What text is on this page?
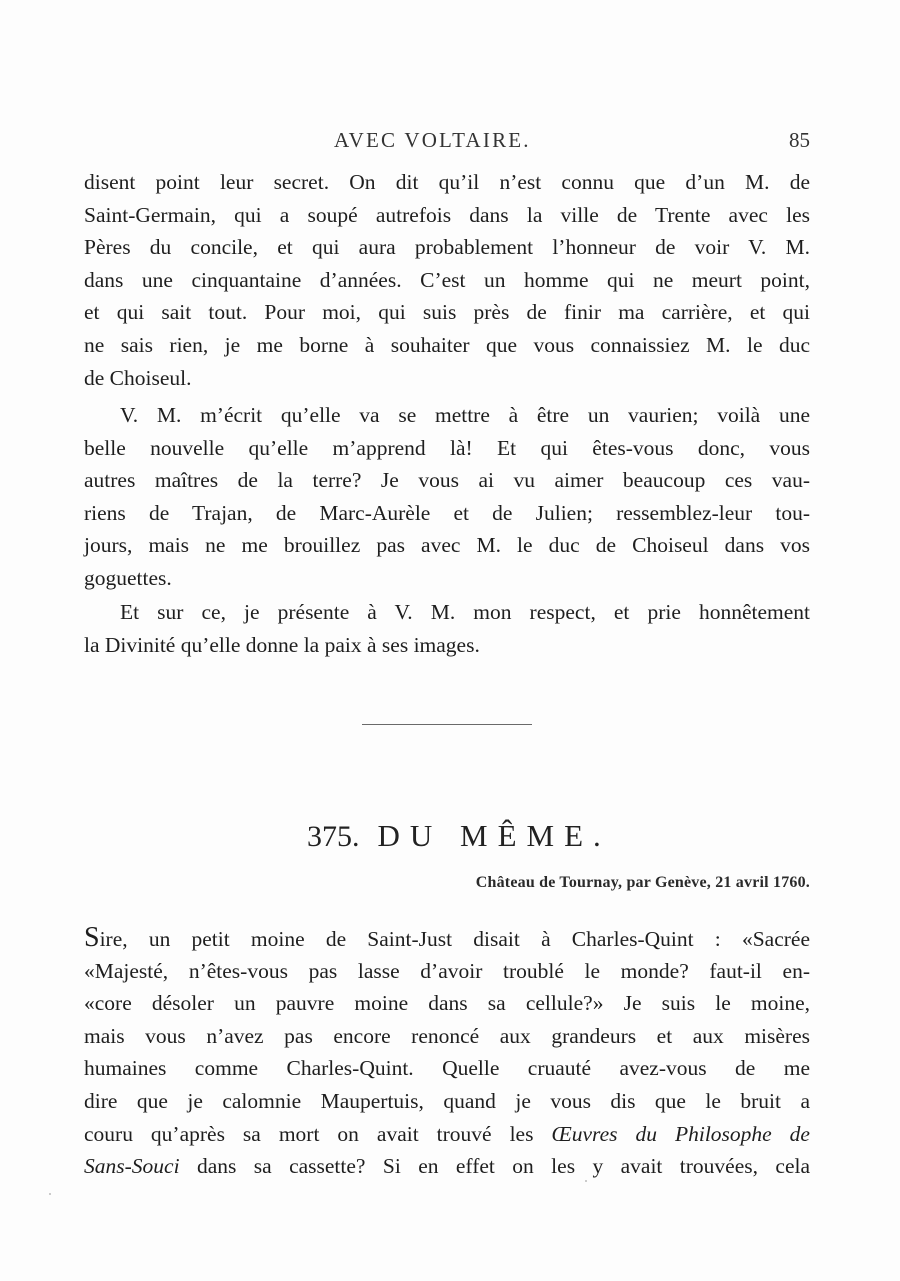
AVEC VOLTAIRE.	85
disent point leur secret. On dit qu’il n’est connu que d’un M. de
Saint-Germain, qui a soupé autrefois dans la ville de Trente avec les
Pères du concile, et qui aura probablement l’honneur de voir V. M.
dans une cinquantaine d’années. C’est un homme qui ne meurt point,
et qui sait tout. Pour moi, qui suis près de finir ma carrière, et qui
ne sais rien, je me borne à souhaiter que vous connaissiez M. le duc
de Choiseul.
V. M. m’écrit qu’elle va se mettre à être un vaurien; voilà une
belle nouvelle qu’elle m’apprend là! Et qui êtes-vous donc, vous
autres maîtres de la terre? Je vous ai vu aimer beaucoup ces vau-
riens de Trajan, de Marc-Aurèle et de Julien; ressemblez-leur tou-
jours, mais ne me brouillez pas avec M. le duc de Choiseul dans vos
goguettes.
Et sur ce, je présente à V. M. mon respect, et prie honnêtement
la Divinité qu’elle donne la paix à ses images.
375. DU MÊME.
Château de Tournay, par Genève, 21 avril 1760.
Sire, un petit moine de Saint-Just disait à Charles-Quint : «Sacrée
«Majesté, n’êtes-vous pas lasse d’avoir troublé le monde? faut-il en-
«core désoler un pauvre moine dans sa cellule?» Je suis le moine,
mais vous n’avez pas encore renoncé aux grandeurs et aux misères
humaines comme Charles-Quint. Quelle cruauté avez-vous de me
dire que je calomnie Maupertuis, quand je vous dis que le bruit a
couru qu’après sa mort on avait trouvé les Œuvres du Philosophe de
Sans-Souci dans sa cassette? Si en effet on les y avait trouvées, cela
